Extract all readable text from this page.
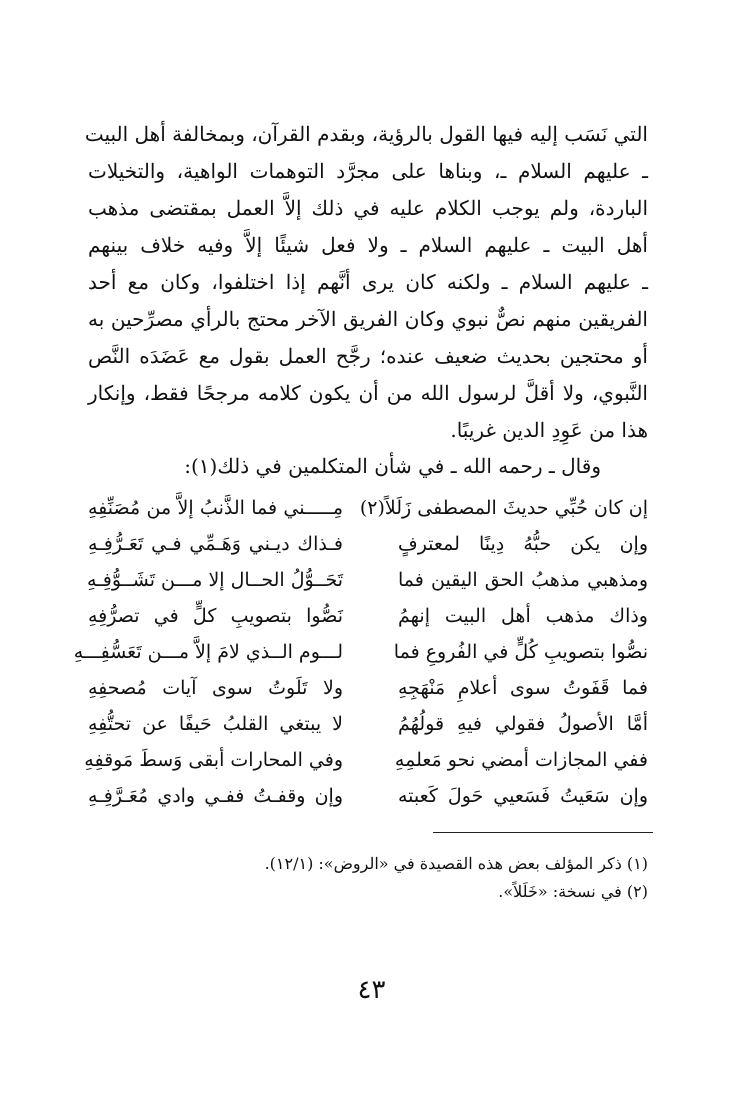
التي نَسَب إليه فيها القول بالرؤية، وبقدم القرآن، وبمخالفة أهل البيت
ـ عليهم السلام ـ، وبناها على مجرَّد التوهمات الواهية، والتخيلات
الباردة، ولم يوجب الكلام عليه في ذلك إلاَّ العمل بمقتضى مذهب
أهل البيت ـ عليهم السلام ـ ولا فعل شيئًا إلاَّ وفيه خلاف بينهم
ـ عليهم السلام ـ ولكنه كان يرى أنَّهم إذا اختلفوا، وكان مع أحد
الفريقين منهم نصٌّ نبوي وكان الفريق الآخر محتج بالرأي مصرِّحين به
أو محتجين بحديث ضعيف عنده؛ رجَّح العمل بقول مع عَضَدَه النَّص
النَّبوي، ولا أقلَّ لرسول الله من أن يكون كلامه مرجحًا فقط، وإنكار
هذا من عَوِدِ الدين غريبًا.
وقال ـ رحمه الله ـ في شأن المتكلمين في ذلك(١):
إن كان حُبِّي حديثَ المصطفى زَلَلاً(٢)
مِـــــني فما الذَّنبُ إلاَّ من مُصَنِّفِهِ
وإن يكن حبُّهُ دِينًا لمعترفٍ
فـذاك ديـني وَهَـمِّي فـي تَعَـرُّفِـهِ
ومذهبي مذهبُ الحق اليقين فما
تَحَــوُّلُ الحــال إلا مـــن تَشَــوُّفِـهِ
وذاك مذهب أهل البيت إنهمُ
نَصُّوا بتصويبِ كلٍّ في تصرُّفِهِ
نصُّوا بتصويبِ كُلٍّ في الفُروعِ فما
لـــوم الــذي لامَ إلاَّ مـــن تَعَسُّفِـــهِ
فما قَفَوتُ سوى أعلامِ مَنْهَجِهِ
ولا تَلَوتُ سوى آيات مُصحفِهِ
أمَّا الأصولُ فقولي فيهِ قولُهُمُ
لا يبتغي القلبُ حَيفًا عن تحتُّفِهِ
ففي المجازات أمضي نحو مَعلمِهِ
وفي المحارات أبقى وَسطَ مَوقفِهِ
وإن سَعَيتُ فَسَعيي حَولَ كَعبته
وإن وقفـتُ ففـي وادي مُعَـرَّفِـهِ
(١) ذكر المؤلف بعض هذه القصيدة في «الروض»: (١٢/١).
(٢) في نسخة: «خَلَلاً».
٤٣
